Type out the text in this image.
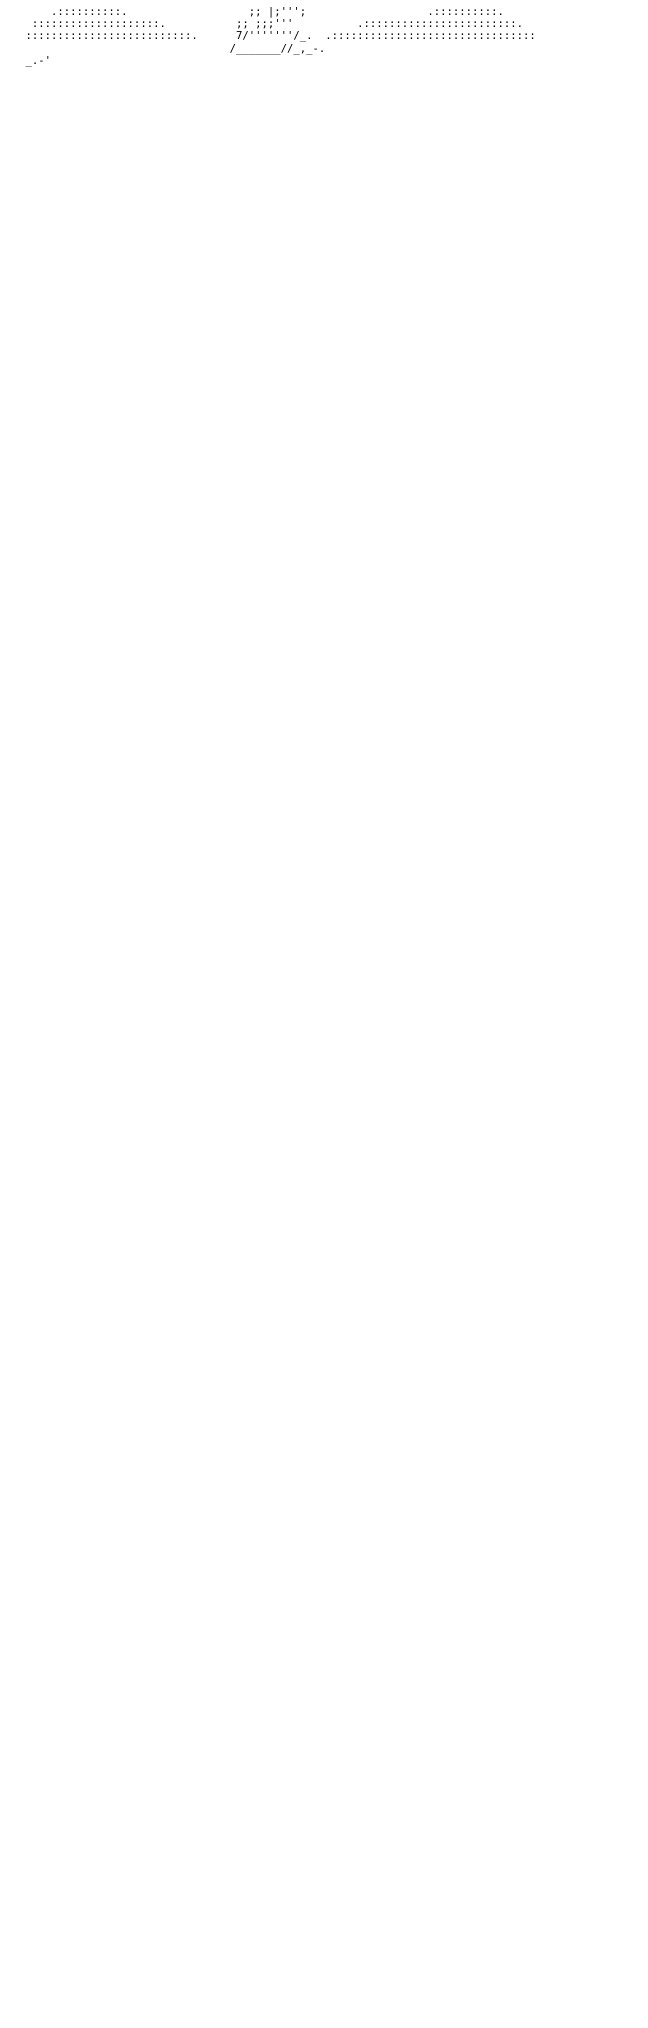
.::::::::::.                   ;; |;''';                   .::::::::::.
::::::::::::::::::::.           ;; ;;;'''          .::::::::::::::::::::::::.
::::::::::::::::::::::::::.      7/'''''''/_.  .::::::::::::::::::::::::::::::::
/_______//_,_-.
_.-'
